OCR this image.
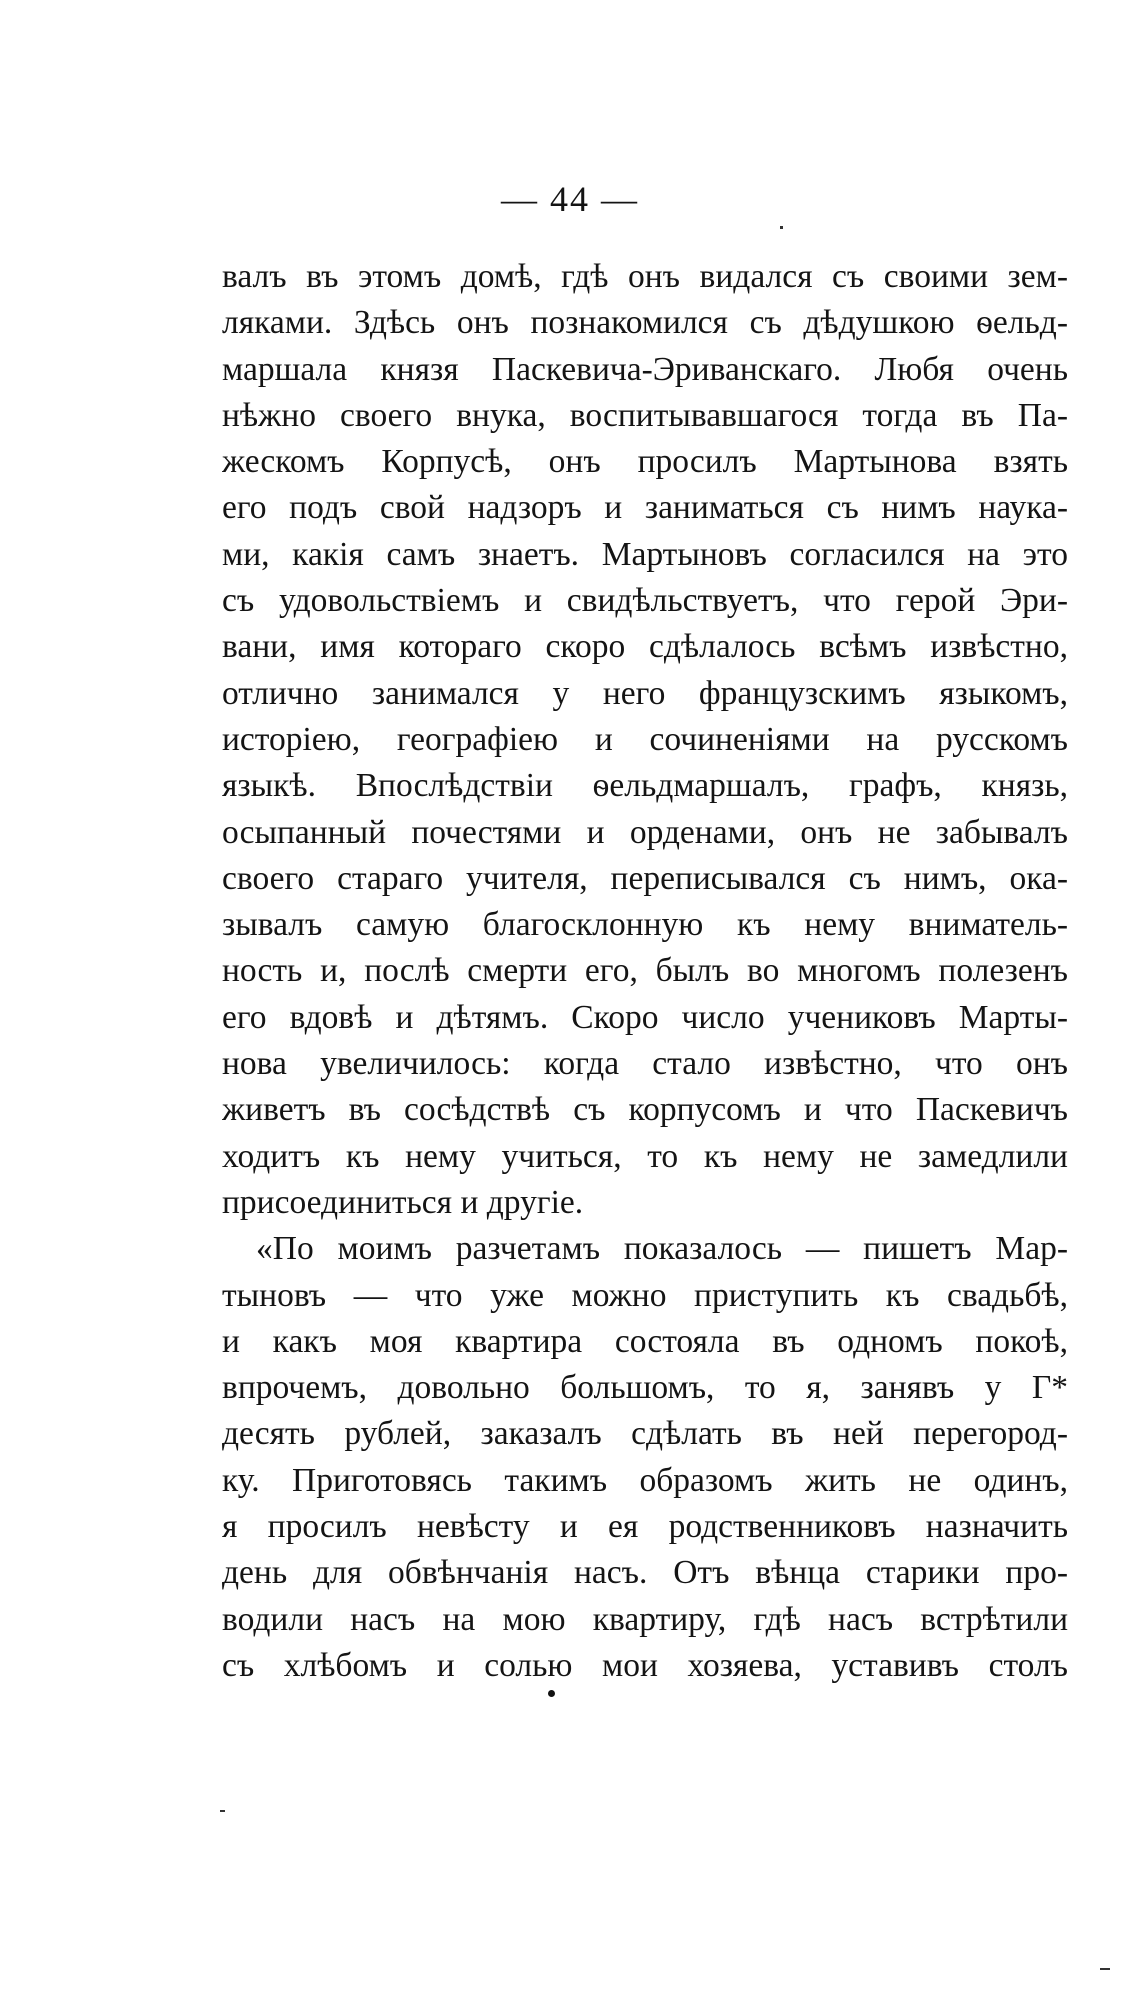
— 44 —
валъ въ этомъ домѣ, гдѣ онъ видался съ своими зем-
ляками. Здѣсь онъ познакомился съ дѣдушкою ѳельд-
маршала князя Паскевича-Эриванскаго. Любя очень
нѣжно своего внука, воспитывавшагося тогда въ Па-
жескомъ Корпусѣ, онъ просилъ Мартынова взять
его подъ свой надзоръ и заниматься съ нимъ наука-
ми, какія самъ знаетъ. Мартыновъ согласился на это
съ удовольствіемъ и свидѣльствуетъ, что герой Эри-
вани, имя котораго скоро сдѣлалось всѣмъ извѣстно,
отлично занимался у него французскимъ языкомъ,
исторіею, географіею и сочиненіями на русскомъ
языкѣ. Впослѣдствіи ѳельдмаршалъ, графъ, князь,
осыпанный почестями и орденами, онъ не забывалъ
своего стараго учителя, переписывался съ нимъ, ока-
зывалъ самую благосклонную къ нему вниматель-
ность и, послѣ смерти его, былъ во многомъ полезенъ
его вдовѣ и дѣтямъ. Скоро число учениковъ Марты-
нова увеличилось: когда стало извѣстно, что онъ
живетъ въ сосѣдствѣ съ корпусомъ и что Паскевичъ
ходитъ къ нему учиться, то къ нему не замедлили
присоединиться и другіе.
«По моимъ разчетамъ показалось — пишетъ Мар-
тыновъ — что уже можно приступить къ свадьбѣ,
и какъ моя квартира состояла въ одномъ покоѣ,
впрочемъ, довольно большомъ, то я, занявъ у Г*
десять рублей, заказалъ сдѣлать въ ней перегород-
ку. Приготовясь такимъ образомъ жить не одинъ,
я просилъ невѣсту и ея родственниковъ назначить
день для обвѣнчанія насъ. Отъ вѣнца старики про-
водили насъ на мою квартиру, гдѣ насъ встрѣтили
съ хлѣбомъ и солью мои хозяева, уставивъ столъ
